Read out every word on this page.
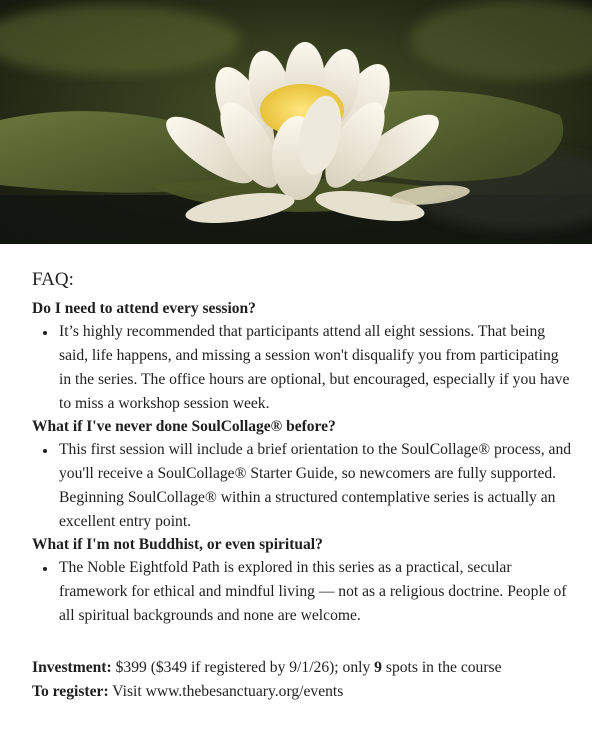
FAQ:

Do I need to attend every session?

• It’s highly recommended that participants attend all eight sessions. That being said, life happens, and missing a session won't disqualify you from participating in the series. The office hours are optional, but encouraged, especially if you have to miss a workshop session week.

What if I've never done SoulCollage® before?

• This first session will include a brief orientation to the SoulCollage® process, and you'll receive a SoulCollage® Starter Guide, so newcomers are fully supported. Beginning SoulCollage® within a structured contemplative series is actually an excellent entry point.

What if I'm not Buddhist, or even spiritual?

• The Noble Eightfold Path is explored in this series as a practical, secular framework for ethical and mindful living — not as a religious doctrine. People of all spiritual backgrounds and none are welcome.
Investment: $399 ($349 if registered by 9/1/26); only 9 spots in the course
To register: Visit www.thebesanctuary.org/events
